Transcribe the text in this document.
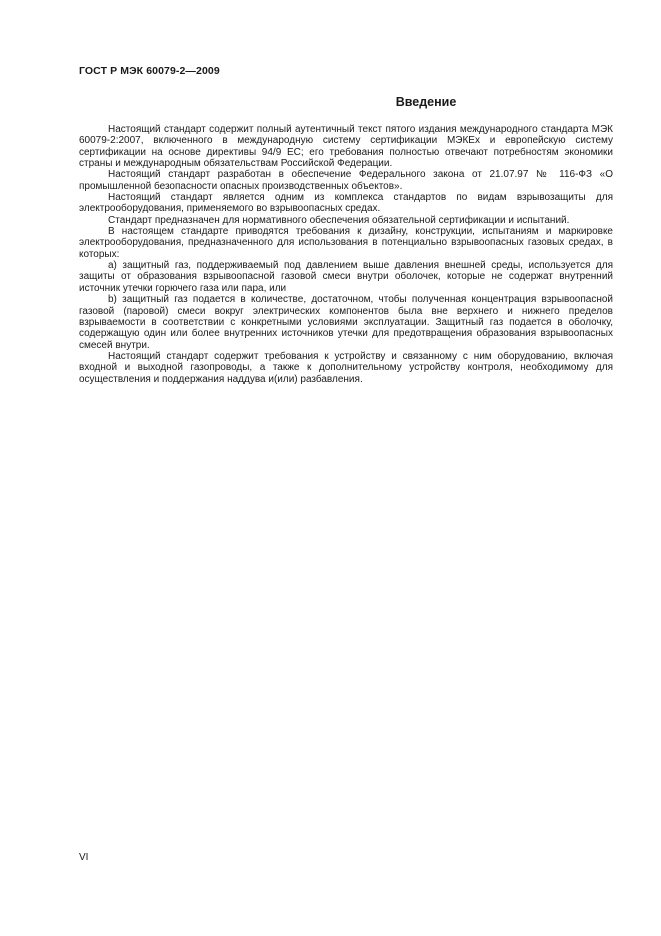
ГОСТ Р МЭК 60079-2—2009
Введение

Настоящий стандарт содержит полный аутентичный текст пятого издания международного стандарта МЭК 60079-2:2007, включенного в международную систему сертификации МЭКЕх и европейскую систему сертификации на основе директивы 94/9 ЕС; его требования полностью отвечают потребностям экономики страны и международным обязательствам Российской Федерации.

Настоящий стандарт разработан в обеспечение Федерального закона от 21.07.97 № 116-ФЗ «О промышленной безопасности опасных производственных объектов».

Настоящий стандарт является одним из комплекса стандартов по видам взрывозащиты для электрооборудования, применяемого во взрывоопасных средах.

Стандарт предназначен для нормативного обеспечения обязательной сертификации и испытаний.

В настоящем стандарте приводятся требования к дизайну, конструкции, испытаниям и маркировке электрооборудования, предназначенного для использования в потенциально взрывоопасных газовых средах, в которых:

a) защитный газ, поддерживаемый под давлением выше давления внешней среды, используется для защиты от образования взрывоопасной газовой смеси внутри оболочек, которые не содержат внутренний источник утечки горючего газа или пара, или

b) защитный газ подается в количестве, достаточном, чтобы полученная концентрация взрывоопасной газовой (паровой) смеси вокруг электрических компонентов была вне верхнего и нижнего пределов взрываемости в соответствии с конкретными условиями эксплуатации. Защитный газ подается в оболочку, содержащую один или более внутренних источников утечки для предотвращения образования взрывоопасных смесей внутри.

Настоящий стандарт содержит требования к устройству и связанному с ним оборудованию, включая входной и выходной газопроводы, а также к дополнительному устройству контроля, необходимому для осуществления и поддержания наддува и(или) разбавления.

VI
